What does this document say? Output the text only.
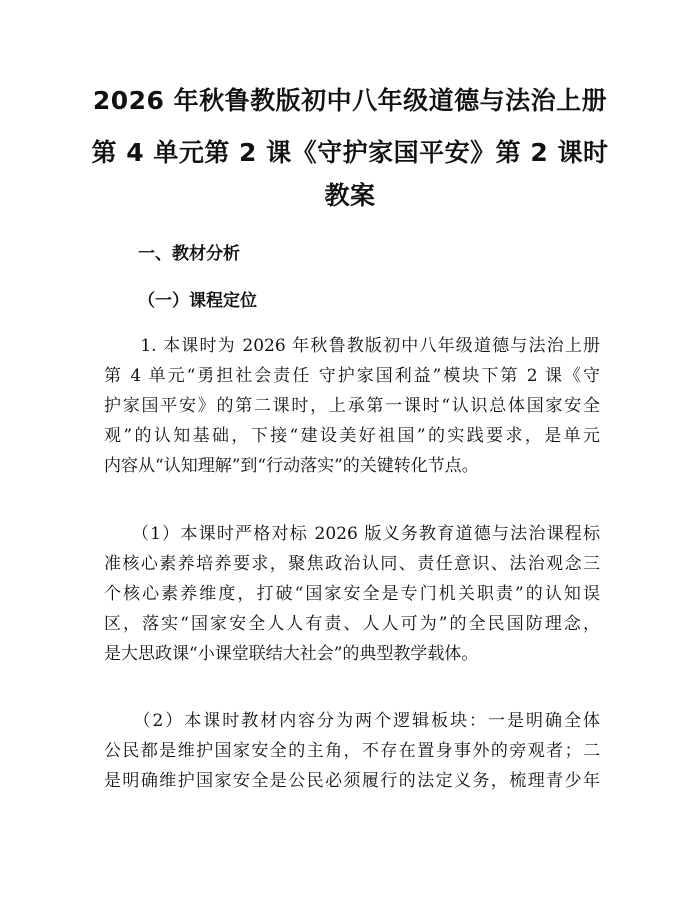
2026 年秋鲁教版初中八年级道德与法治上册
第 4 单元第 2 课《守护家国平安》第 2 课时
教案
一、教材分析
（一）课程定位
　　1. 本课时为 2026 年秋鲁教版初中八年级道德与法治上册
第 4 单元“勇担社会责任 守护家国利益”模块下第 2 课《守
护家国平安》的第二课时，上承第一课时“认识总体国家安全
观”的认知基础，下接“建设美好祖国”的实践要求，是单元
内容从“认知理解”到“行动落实”的关键转化节点。
　　（1）本课时严格对标 2026 版义务教育道德与法治课程标
准核心素养培养要求，聚焦政治认同、责任意识、法治观念三
个核心素养维度，打破“国家安全是专门机关职责”的认知误
区，落实“国家安全人人有责、人人可为”的全民国防理念，
是大思政课“小课堂联结大社会”的典型教学载体。
　　（2）本课时教材内容分为两个逻辑板块：一是明确全体
公民都是维护国家安全的主角，不存在置身事外的旁观者；二
是明确维护国家安全是公民必须履行的法定义务，梳理青少年
